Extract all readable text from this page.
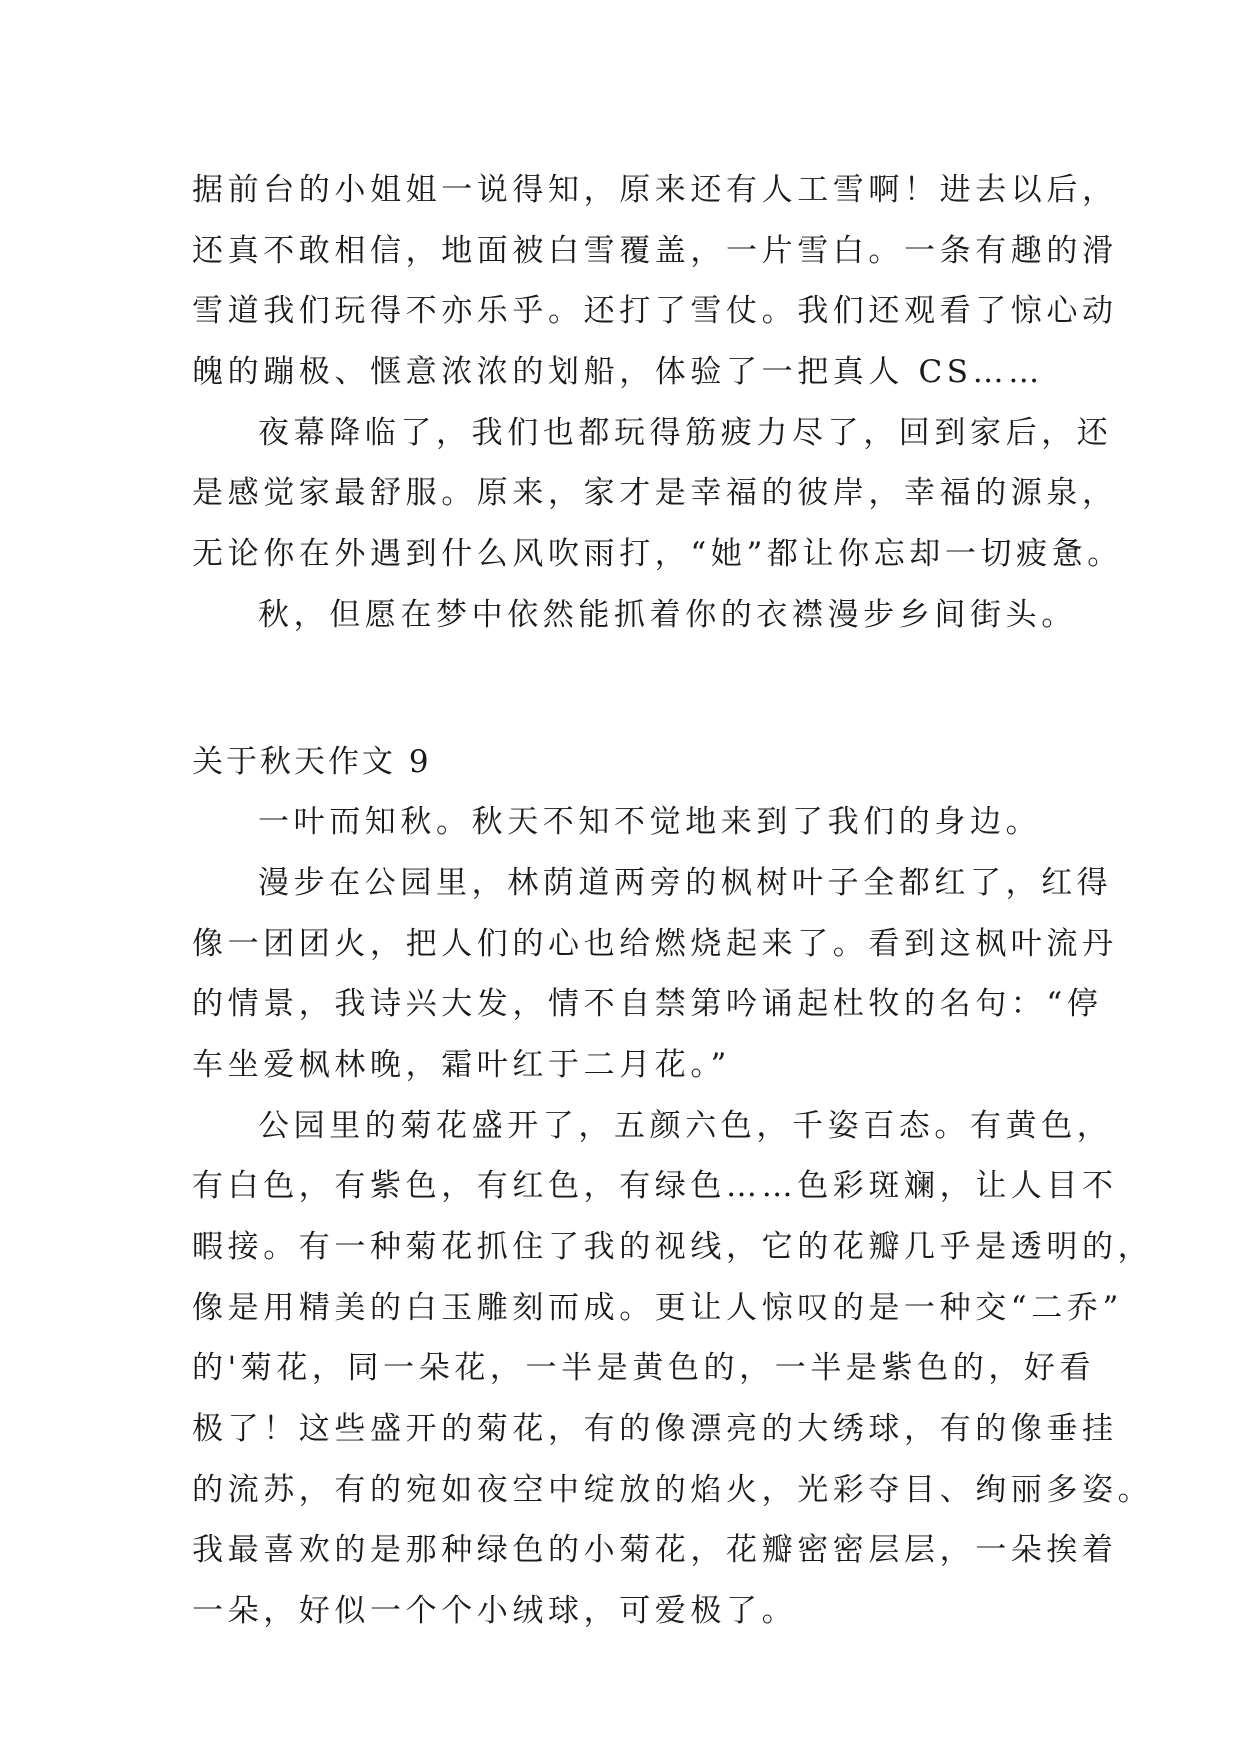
据前台的小姐姐一说得知，原来还有人工雪啊！进去以后，
还真不敢相信，地面被白雪覆盖，一片雪白。一条有趣的滑
雪道我们玩得不亦乐乎。还打了雪仗。我们还观看了惊心动
魄的蹦极、惬意浓浓的划船，体验了一把真人 CS……
夜幕降临了，我们也都玩得筋疲力尽了，回到家后，还
是感觉家最舒服。原来，家才是幸福的彼岸，幸福的源泉，
无论你在外遇到什么风吹雨打，“她”都让你忘却一切疲惫。
秋，但愿在梦中依然能抓着你的衣襟漫步乡间街头。
关于秋天作文 9
一叶而知秋。秋天不知不觉地来到了我们的身边。
漫步在公园里，林荫道两旁的枫树叶子全都红了，红得
像一团团火，把人们的心也给燃烧起来了。看到这枫叶流丹
的情景，我诗兴大发，情不自禁第吟诵起杜牧的名句：“停
车坐爱枫林晚，霜叶红于二月花。”
公园里的菊花盛开了，五颜六色，千姿百态。有黄色，
有白色，有紫色，有红色，有绿色……色彩斑斓，让人目不
暇接。有一种菊花抓住了我的视线，它的花瓣几乎是透明的，
像是用精美的白玉雕刻而成。更让人惊叹的是一种交“二乔”
的'菊花，同一朵花，一半是黄色的，一半是紫色的，好看
极了！这些盛开的菊花，有的像漂亮的大绣球，有的像垂挂
的流苏，有的宛如夜空中绽放的焰火，光彩夺目、绚丽多姿。
我最喜欢的是那种绿色的小菊花，花瓣密密层层，一朵挨着
一朵，好似一个个小绒球，可爱极了。
